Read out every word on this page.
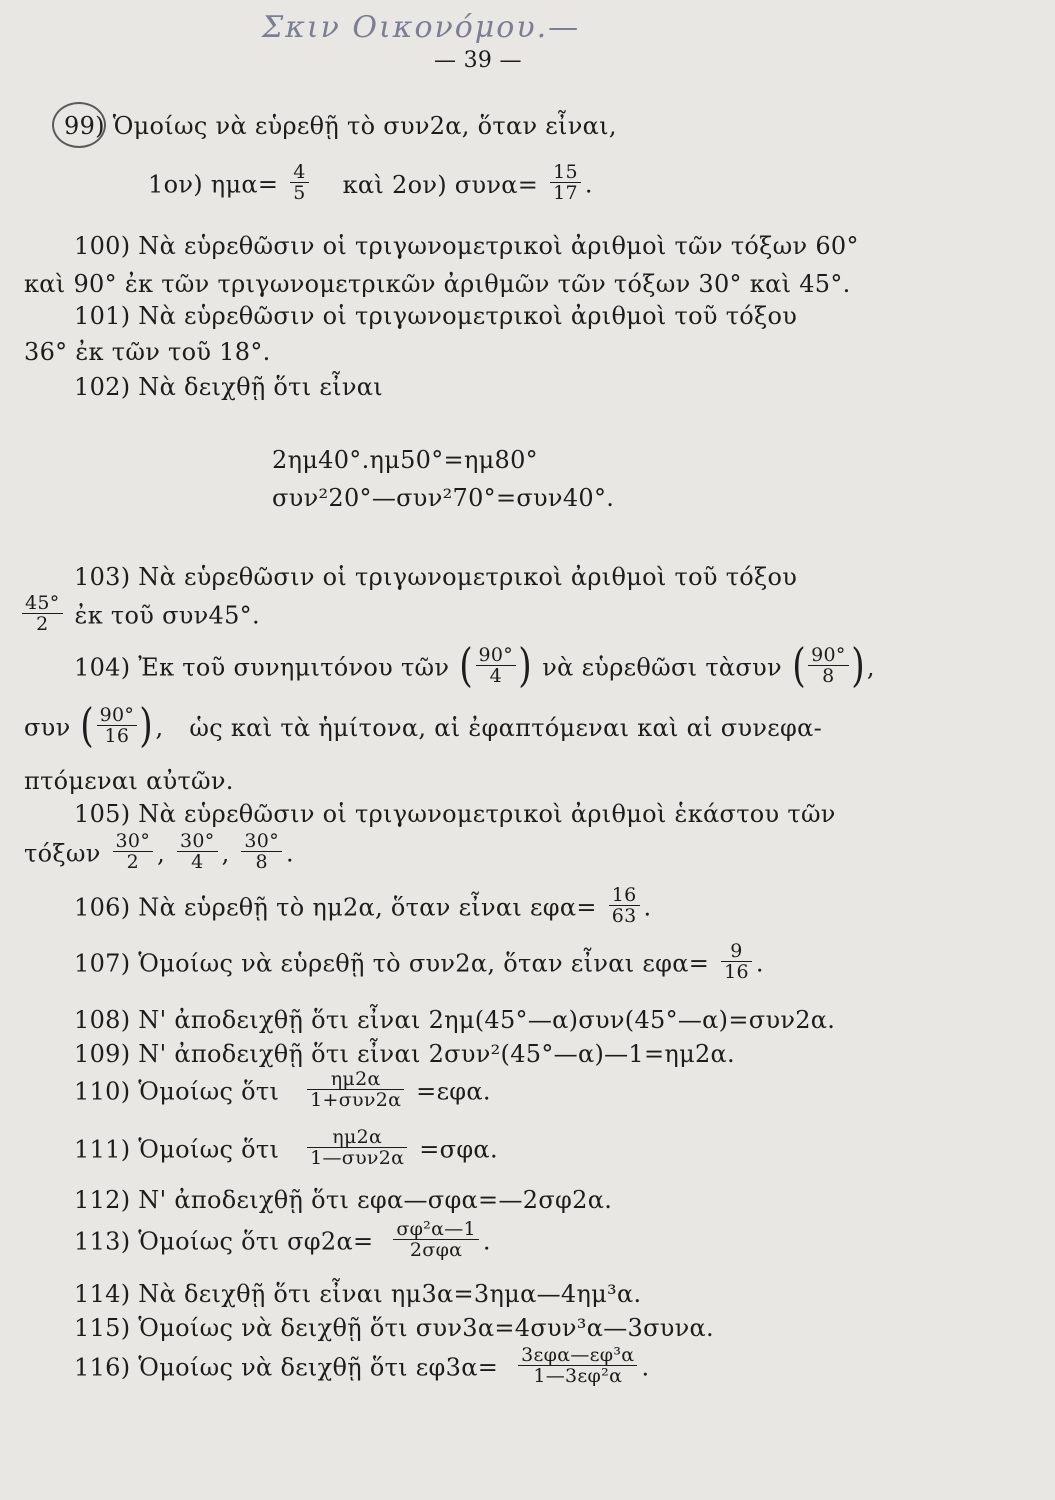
Σκιν Οικονόμου.—
— 39 —
99) Ὁμοίως νὰ εὑρεθῇ τὸ συν2α, ὅταν εἶναι,
1ον) $\eta\mu\alpha= \frac{4}{5}$ καὶ 2ον) $\sigma\upsilon\nu\alpha= \frac{15}{17}$ .
100) Νὰ εὑρεθῶσιν οἱ τριγωνομετρικοὶ ἀριθμοὶ τῶν τόξων 60°
καὶ 90° ἐκ τῶν τριγωνομετρικῶν ἀριθμῶν τῶν τόξων 30° καὶ 45°.
101) Νὰ εὑρεθῶσιν οἱ τριγωνομετρικοὶ ἀριθμοὶ τοῦ τόξου
36° ἐκ τῶν τοῦ 18°.
102) Νὰ δειχθῇ ὅτι εἶναι
2ημ40°.ημ50°=ημ80°
συν²20°—συν²70°=συν40°.
103) Νὰ εὑρεθῶσιν οἱ τριγωνομετρικοὶ ἀριθμοὶ τοῦ τόξου
$\frac{45^\circ}{2}$ ἐκ τοῦ συν45°.
104) Ἐκ τοῦ συνημιτόνου τῶν ( $\frac{90^\circ}{4}$ ) νὰ εὑρεθῶσι τὰσυν ( $\frac{90^\circ}{8}$ ),
συν ( $\frac{90^\circ}{16}$ ), ὡς καὶ τὰ ἡμίτονα, αἱ ἐφαπτόμεναι καὶ αἱ συνεφα-
πτόμεναι αὐτῶν.
105) Νὰ εὑρεθῶσιν οἱ τριγωνομετρικοὶ ἀριθμοὶ ἑκάστου τῶν
τόξων $\frac{30^\circ}{2}$ , $\frac{30^\circ}{4}$ , $\frac{30^\circ}{8}$ .
106) Νὰ εὑρεθῇ τὸ ημ2α, ὅταν εἶναι $\varepsilon\varphi\alpha= \frac{16}{63}$ .
107) Ὁμοίως νὰ εὑρεθῇ τὸ συν2α, ὅταν εἶναι $\varepsilon\varphi\alpha= \frac{9}{16}$ .
108) Ν' ἀποδειχθῇ ὅτι εἶναι 2ημ(45°—α)συν(45°—α)=συν2α.
109) Ν' ἀποδειχθῇ ὅτι εἶναι 2συν²(45°—α)—1=ημ2α.
110) Ὁμοίως ὅτι $\frac{\eta\mu 2\alpha}{\text{1+συν2α}} =\varepsilon\varphi\alpha$.
111) Ὁμοίως ὅτι $\frac{\eta\mu 2\alpha}{\text{1—συν2α}} =\sigma\varphi\alpha$.
112) Ν' ἀποδειχθῇ ὅτι εφα—σφα=—2σφ2α.
113) Ὁμοίως ὅτι $\sigma\varphi 2\alpha= \frac{\text{σφ²α—1}}{\text{2σφα}}$ .
114) Νὰ δειχθῇ ὅτι εἶναι ημ3α=3ημα—4ημ³α.
115) Ὁμοίως νὰ δειχθῇ ὅτι συν3α=4συν³α—3συνα.
116) Ὁμοίως νὰ δειχθῇ ὅτι $\varepsilon\varphi 3\alpha= \frac{\text{3εφα—εφ³α}}{\text{1—3εφ²α}}$ .
